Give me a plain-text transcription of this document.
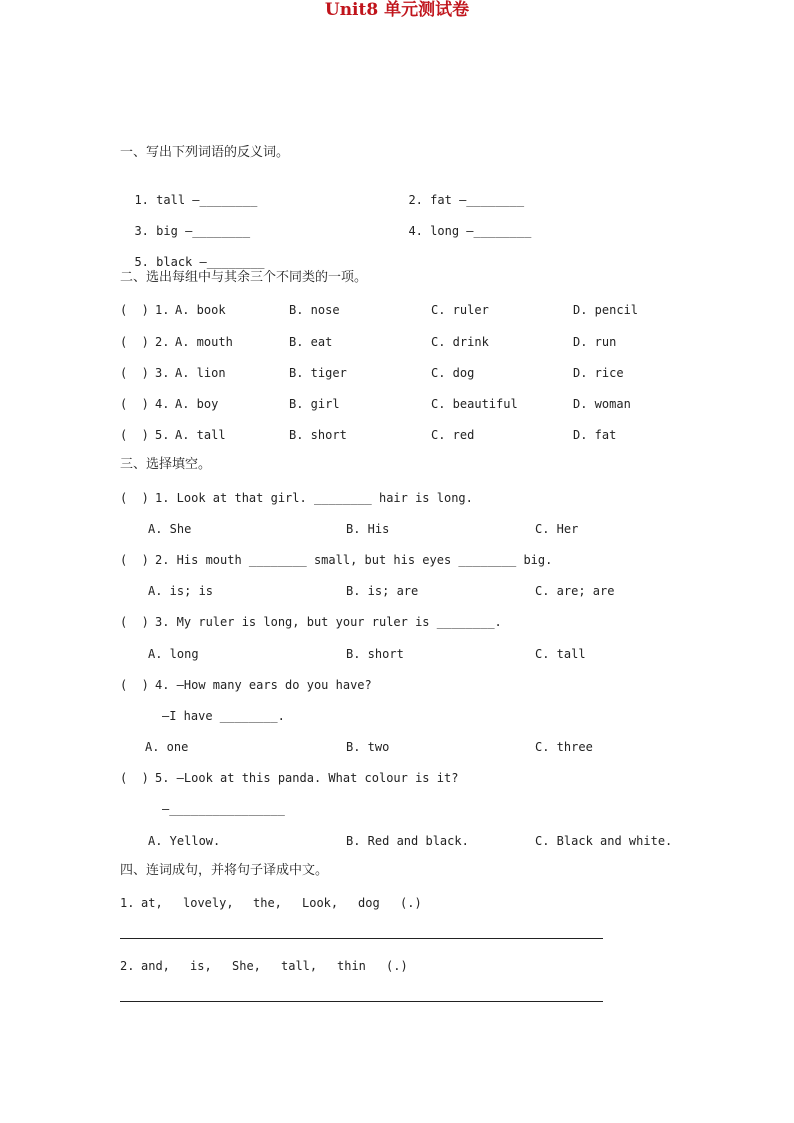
Unit8 单元测试卷
一、写出下列词语的反义词。

1. tall —________	2. fat —________

3. big —________	4. long —________

5. black —________

二、选出每组中与其余三个不同类的一项。
(  ) 1. A. book	B. nose	C. ruler	D. pencil
(  ) 2. A. mouth	B. eat	C. drink	D. run
(  ) 3. A. lion	B. tiger	C. dog	D. rice
(  ) 4. A. boy	B. girl	C. beautiful	D. woman
(  ) 5. A. tall	B. short	C. red	D. fat
三、选择填空。
(  ) 1. Look at that girl. ________ hair is long.
A. She	B. His	C. Her
(  ) 2. His mouth ________ small, but his eyes ________ big.
A. is; is	B. is; are	C. are; are
(  ) 3. My ruler is long, but your ruler is ________.
A. long	B. short	C. tall
(  ) 4. —How many ears do you have?
—I have ________.
A. one	B. two	C. three
(  ) 5. —Look at this panda. What colour is it?
—________________
A. Yellow.	B. Red and black.	C. Black and white.
四、连词成句，并将句子译成中文。
1. at, lovely, the, Look, dog (.)
2. and, is, She, tall, thin (.)
